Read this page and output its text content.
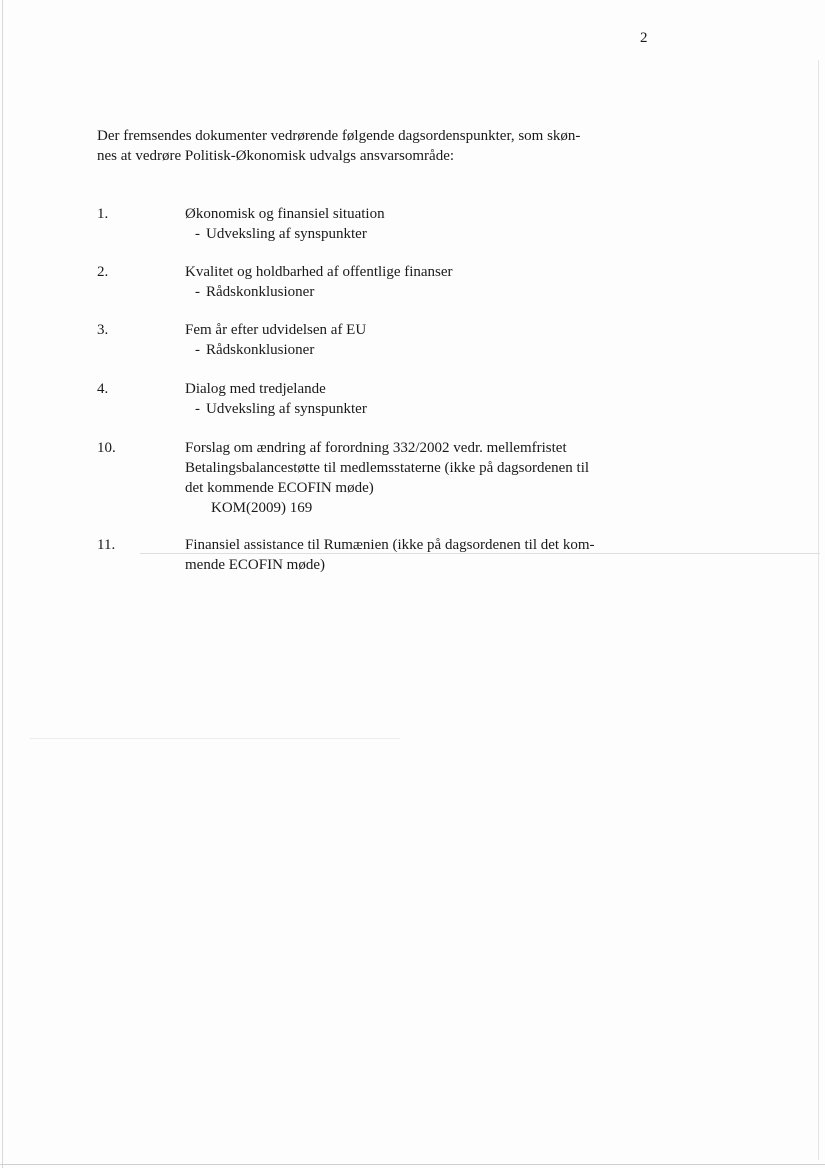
2
Der fremsendes dokumenter vedrørende følgende dagsordenspunkter, som skøn-
nes at vedrøre Politisk-Økonomisk udvalgs ansvarsområde:
1.	Økonomisk og finansiel situation
- Udveksling af synspunkter
2.	Kvalitet og holdbarhed af offentlige finanser
- Rådskonklusioner
3.	Fem år efter udvidelsen af EU
- Rådskonklusioner
4.	Dialog med tredjelande
- Udveksling af synspunkter
10.	Forslag om ændring af forordning 332/2002 vedr. mellemfristet
Betalingsbalancestøtte til medlemsstaterne (ikke på dagsordenen til
det kommende ECOFIN møde)
KOM(2009) 169
11.	Finansiel assistance til Rumænien (ikke på dagsordenen til det kom-
mende ECOFIN møde)
